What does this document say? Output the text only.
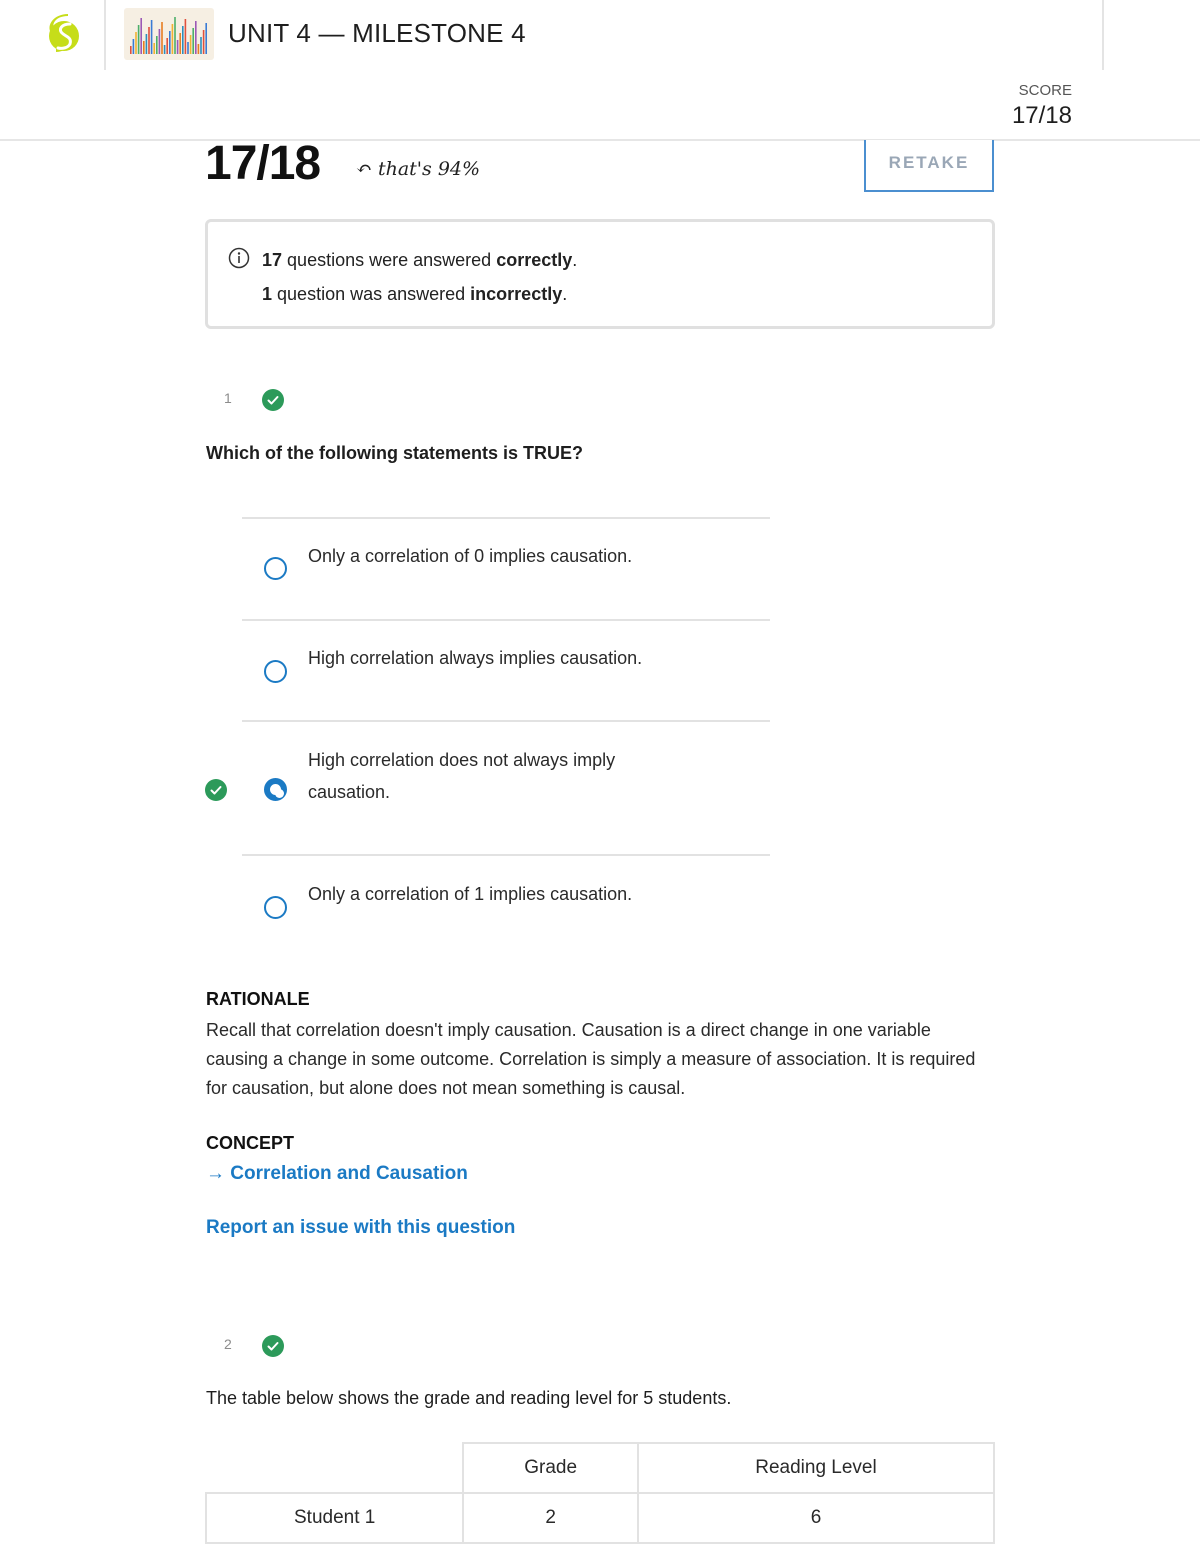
UNIT 4 — MILESTONE 4
SCORE
17/18
17/18 ↶ that's 94%	RETAKE
17 questions were answered correctly.
1 question was answered incorrectly.
1
Which of the following statements is TRUE?
Only a correlation of 0 implies causation.
High correlation always implies causation.
High correlation does not always imply causation.
Only a correlation of 1 implies causation.
RATIONALE
Recall that correlation doesn't imply causation. Causation is a direct change in one variable causing a change in some outcome. Correlation is simply a measure of association. It is required for causation, but alone does not mean something is causal.
CONCEPT
→ Correlation and Causation
Report an issue with this question
2
The table below shows the grade and reading level for 5 students.
	Grade	Reading Level
Student 1	2	6
